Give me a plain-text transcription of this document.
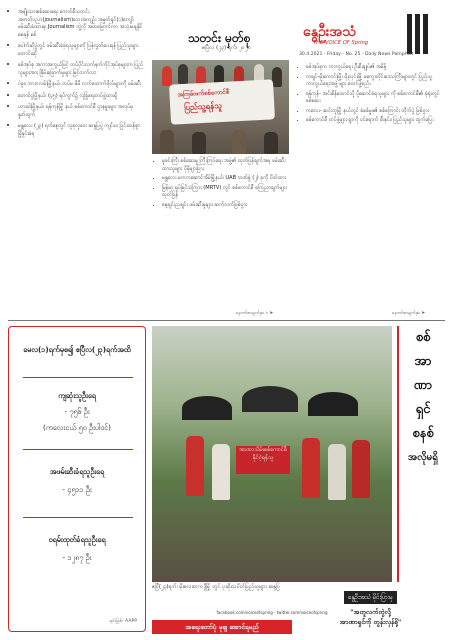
• အမျိုးသားစစ်ဆေးရေး ကောင်စီသတင်း အတတ်ပညာ(journalism)ဘေးအကျဉ်း အမှုတ်ရှင်(၁)ကျော်ဖမ်းဆီးခံထားရ၊ Journalism ဘွဲ့ကို အထမြောက်ကာ အသုံးမချနိုင်စေရန် စစ်
• ပေါက်ဆိုပွဲတွင် ဖမ်းဆီးခံခဲ့ရသူများကို ပြန်လွှတ်ပေးရန် ပြည်သူများ တောင်းဆို
• စစ်အုပ်စု အကာအကွယ်ဖြင့် တပ်ပိုင်းလက်နက်ကိုင်အုပ်စုများက ပြည်သူများအား ခြိမ်းခြောက်မှုများ မြင့်တက်လာ
• ပဲခူး၊ ဘားဂလမ်းမြို့နယ်၊ တပ်မ မိမိ လက်ထောက်ဗိုလ်များကို ဖမ်းဆီး
• တောင်ငူမြို့နယ်၊ (၄၅) ရပ်ကွက်၌ လုံခြုံရေးတပ်ဖွဲ့ထားရှိ
• ဟားခါးမြို့နယ်၊ ရန်ကုန်မြို့ နယ် စစ်ကောင်စီ ဌာနမှူးများ အလုပ်မှ နှုတ်ထွက်
• မန္တလေး (၂၃) ရက်နေ့တွင် လူစုလူဝေး ဆန္ဒပြပွဲ ကျင်းပ၊ ပြင်းထန်စွာ ဖြိုခွင်းခံရ
သတင်း မှတ်စု
ဧပြီလ (၂၃) ရက်၊ ၂၀၂၁
နွေဦးအသံ
THE VOICE OF Spring
30.4.2021 - Friday - No. 25 - Daily News Pamphlet
အကြမ်းဖက်စစ်ကောင်စီ
ပြည်သူ့ရန်သူ
• မှုခင်းကြီး စစ်ဆေးမှု ကြီးကြပ်ရေး အဖွဲ့၏ ထုတ်ပြန်ချက်အရ ဖမ်းဆီးထားသူများ ပိုမိုများပြား
• မန္တလေး မကကဆောင်အိမ်မြို့နယ်၊ UAB ဘဏ်ခွဲ (၂) ခုကို ပိတ်ထား
• မြန်မာ့ ရုပ်မြင်သံကြား (MRTV) တွင် စစ်ကောင်စီ ကြေညာချက်များ ထုတ်ပြန်
• နေ့ချင်းညချင်း ဖမ်းဆီးမှုများ ဆက်လက်ဖြစ်ပွား
နောက်စာမျက်နှာ ၁ ➤
• စစ်အုပ်စုက ကာကွယ်ရေး ဦးစီးချုပ်၏ အမိန့်
• ကချင်-မိုးကောင်းမြို့၊ မိုးညှင်းမြို့ မကွေးတိုင်းဒေသကြီးများတွင် ပြည်သူ့ကာကွယ်ရေးအဖွဲ့ များ စတင်ဖွဲ့စည်း
• ရန်ကုန်- အင်းစိန်ထောင်သို့ ပို့ဆောင်ခံရသူများ ကို စစ်ကောင်စီ၏ ခုံရုံးတွင် စစ်ဆေး
• ကလေး- ဆင်းဘူမြို့ နယ်တွင် ခံစစ်မှူး၏ စစ်ကြောင်း တိုက်ပွဲ ဖြစ်ပွား
• စစ်ကောင်စီ တပ်ဖွဲ့များ ရွာကို ဝင်ရောက် စီးနင်း၊ ပြည်သူများ ထွက်ပြေး
နောက်စာမျက်နှာ ➤
မေလ(၁)ရက်မှစ၍ ဧပြီလ(၂၃)ရက်အထိ
ကျဆုံးသူဦးရေ
- ၇၅၆ ဦး
(ကလေးငယ် ၅၀ ဦးပါဝင်)
အဖမ်းဆီးခံရသူဦးရေ
- ၄၅၁၁ ဦး
ဝရမ်းထုတ်ခံရသူဦးရေ
- ၁၂၈၇ ဦး
ရင်းမြစ်- AAPP
အာဏာသိမ်းစစ်ကောင်စီ
နိုင်ငံ့ရန်သူ
ဧပြီ(၂၃)ရက်၊ မိုးလေးတကဒွိမြို့ တွင် ပုဆိုးသပိတ်ပြည်သူများ ဆန္ဒပြ
အရေးတော်ပုံ မုချ အောင်ရမည်
facebook.com/voiceofspring · twitter.com/voiceofspring
စစ်
အာ
ဏာ
ရှင်
စနစ်
အလိုမရှိ
နွေဦးအသံ မိုင်းပြားမှ
"အတူလက်တွဲလို့
အာဏာရှင်ကို တွန်းလှန်စို့"
